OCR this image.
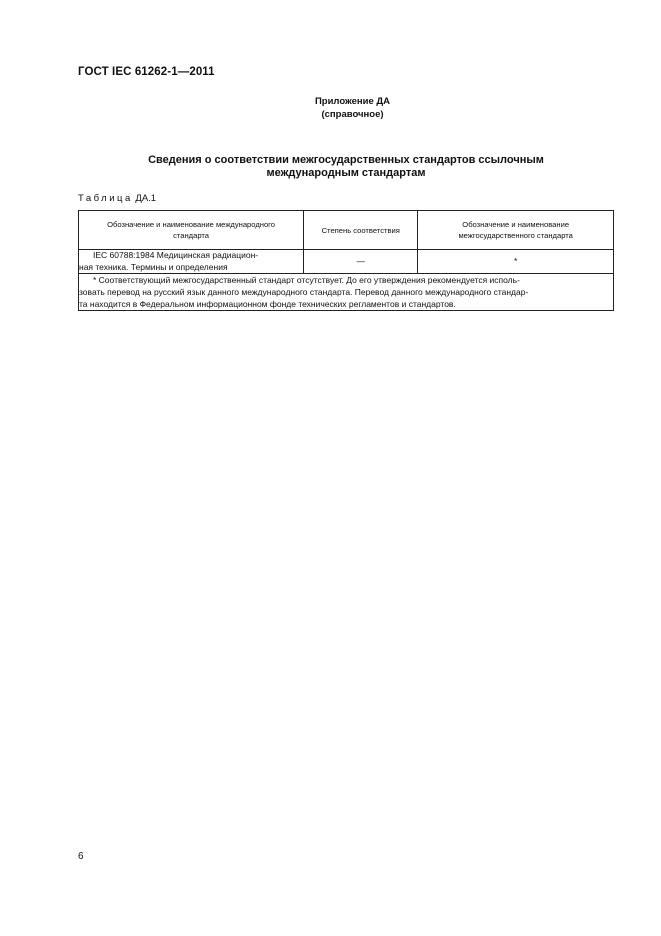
ГОСТ IEC 61262-1—2011
Приложение ДА
(справочное)
Сведения о соответствии межгосударственных стандартов ссылочным
международным стандартам
Таблица ДА.1
Обозначение и наименование международного
стандарта	Степень соответствия	Обозначение и наименование
межгосударственного стандарта
IEC 60788:1984 Медицинская радиацион-
ная техника. Термины и определения	—	*
* Соответствующий межгосударственный стандарт отсутствует. До его утверждения рекомендуется исполь-
зовать перевод на русский язык данного международного стандарта. Перевод данного международного стандар-
та находится в Федеральном информационном фонде технических регламентов и стандартов.		
6
